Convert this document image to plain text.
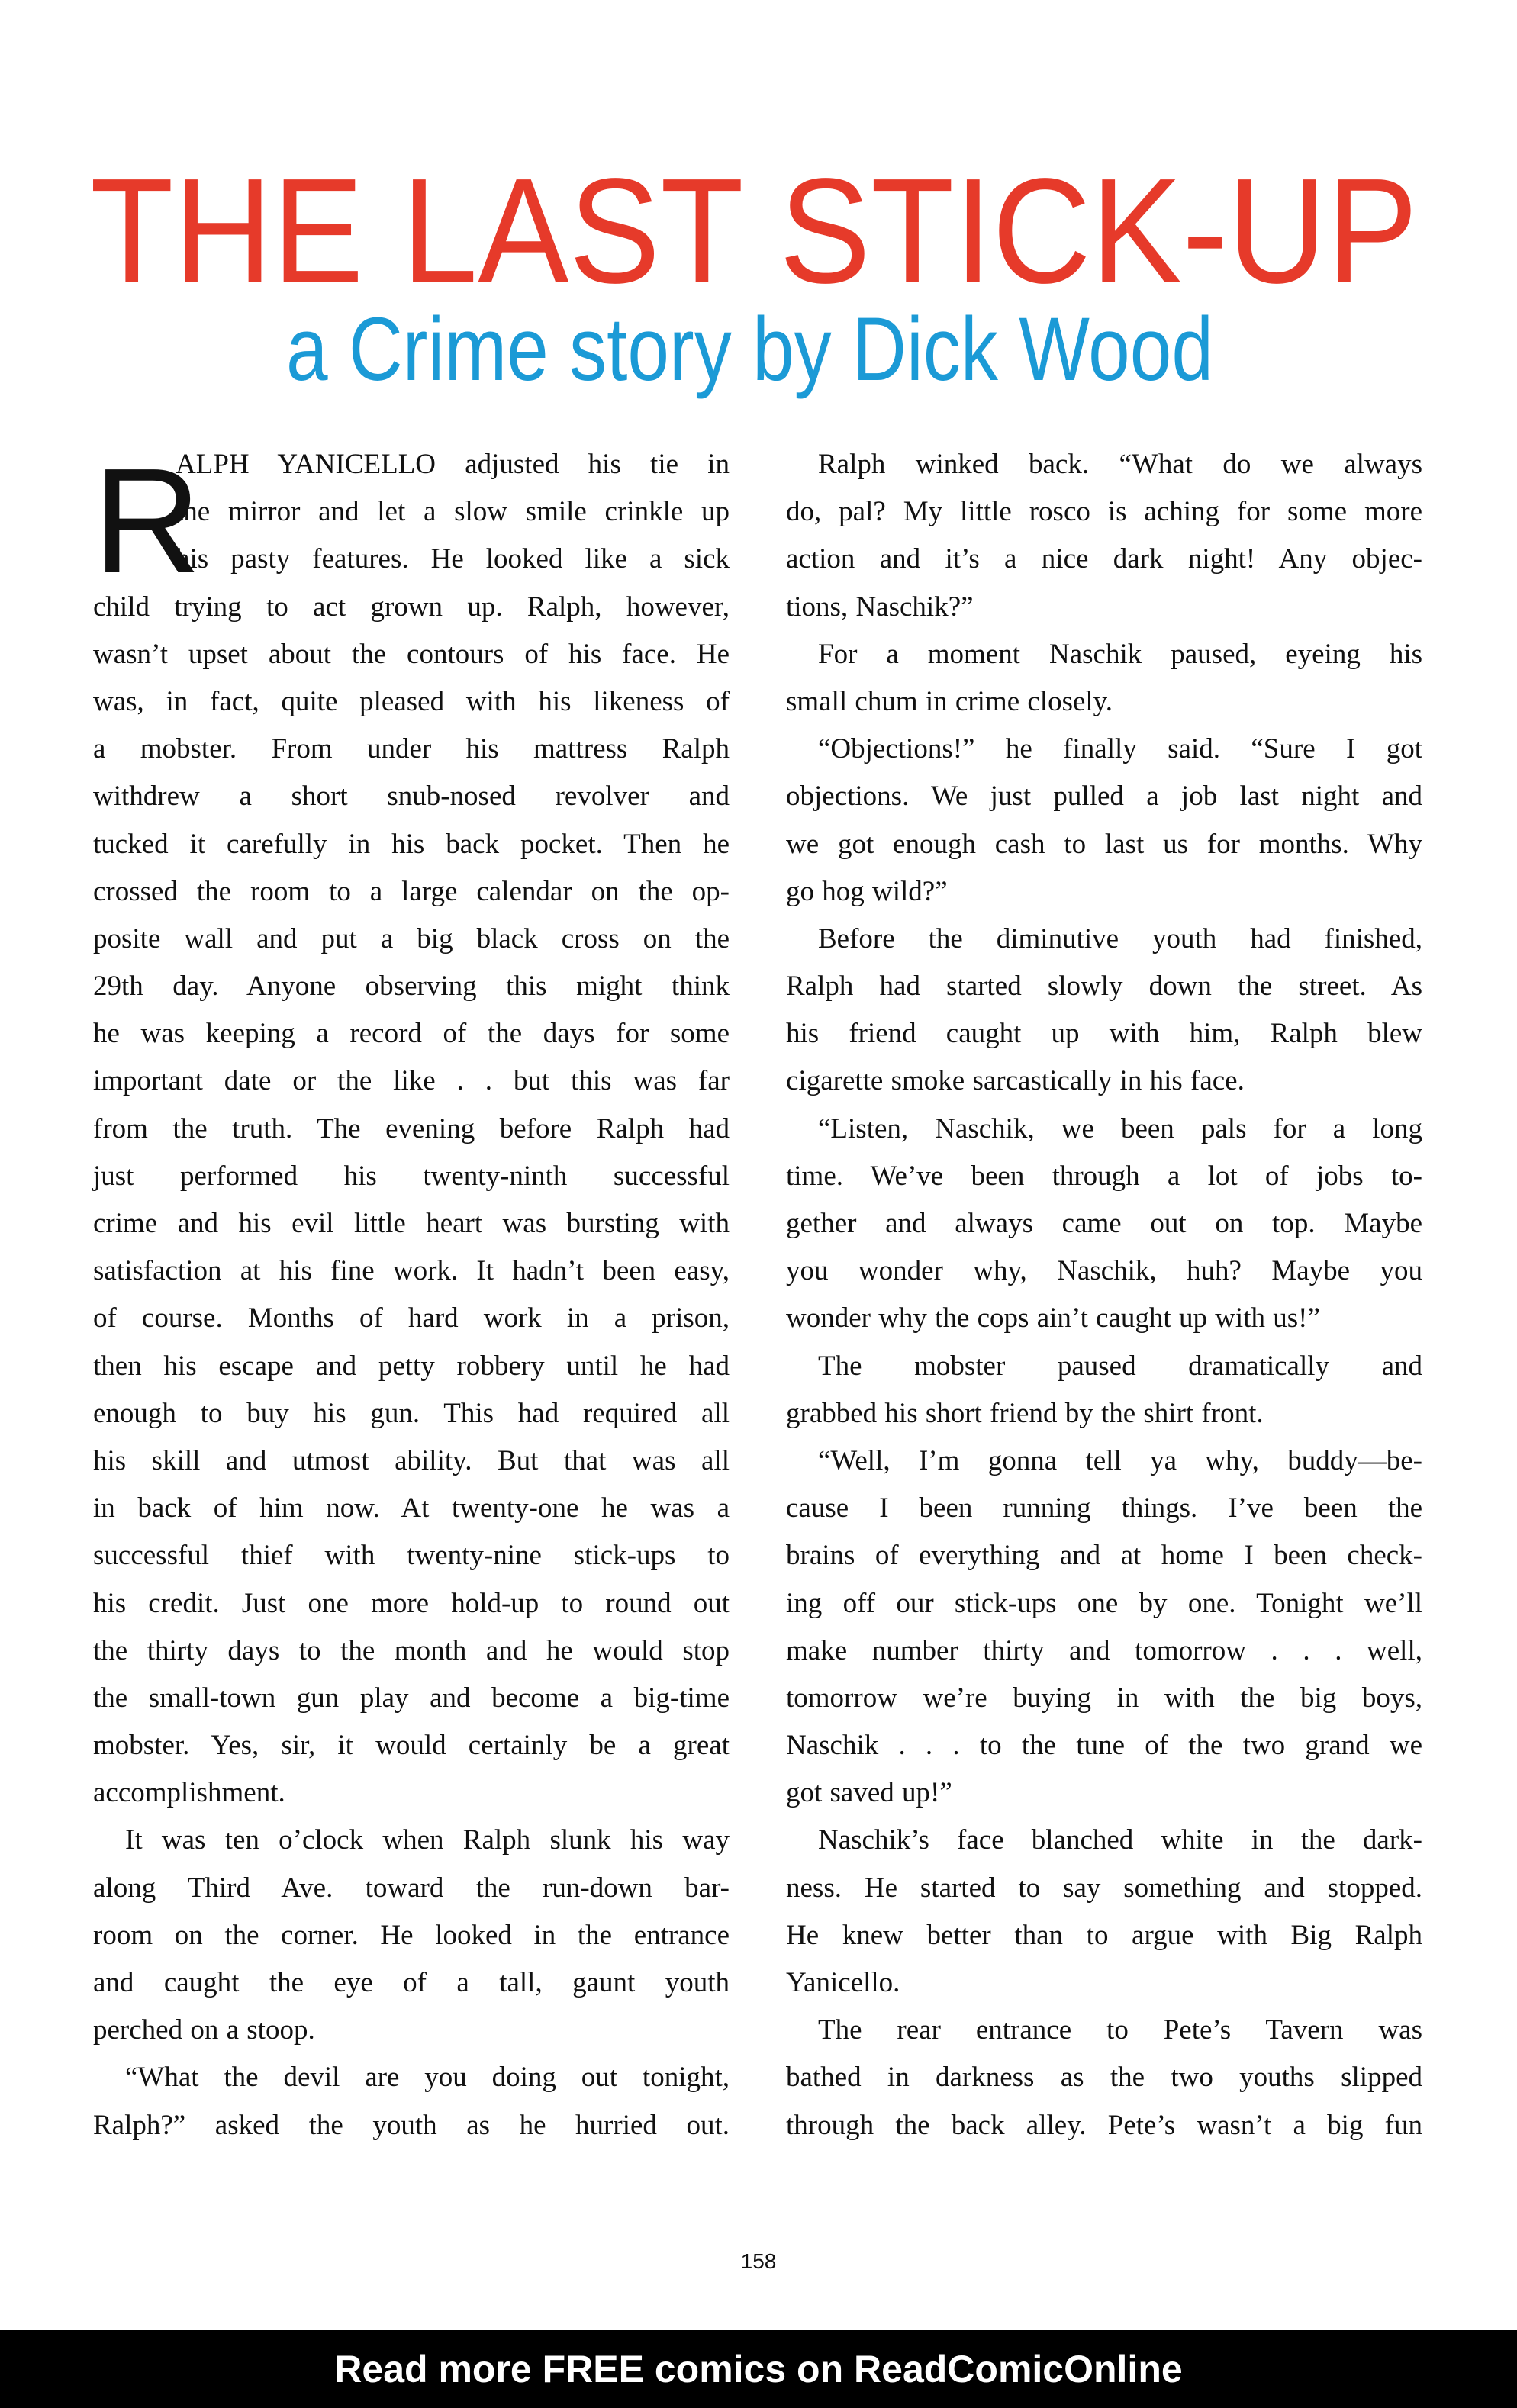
THE LAST STICK-UP
a Crime story by Dick Wood
R
ALPH YANICELLO adjusted his tie in
the mirror and let a slow smile crinkle up
his pasty features. He looked like a sick
child trying to act grown up. Ralph, however,
wasn’t upset about the contours of his face. He
was, in fact, quite pleased with his likeness of
a mobster. From under his mattress Ralph
withdrew a short snub-nosed revolver and
tucked it carefully in his back pocket. Then he
crossed the room to a large calendar on the op-
posite wall and put a big black cross on the
29th day. Anyone observing this might think
he was keeping a record of the days for some
important date or the like . . but this was far
from the truth. The evening before Ralph had
just performed his twenty-ninth successful
crime and his evil little heart was bursting with
satisfaction at his fine work. It hadn’t been easy,
of course. Months of hard work in a prison,
then his escape and petty robbery until he had
enough to buy his gun. This had required all
his skill and utmost ability. But that was all
in back of him now. At twenty-one he was a
successful thief with twenty-nine stick-ups to
his credit. Just one more hold-up to round out
the thirty days to the month and he would stop
the small-town gun play and become a big-time
mobster. Yes, sir, it would certainly be a great
accomplishment.
It was ten o’clock when Ralph slunk his way
along Third Ave. toward the run-down bar-
room on the corner. He looked in the entrance
and caught the eye of a tall, gaunt youth
perched on a stoop.
“What the devil are you doing out tonight,
Ralph?” asked the youth as he hurried out.
Ralph winked back. “What do we always
do, pal? My little rosco is aching for some more
action and it’s a nice dark night! Any objec-
tions, Naschik?”
For a moment Naschik paused, eyeing his
small chum in crime closely.
“Objections!” he finally said. “Sure I got
objections. We just pulled a job last night and
we got enough cash to last us for months. Why
go hog wild?”
Before the diminutive youth had finished,
Ralph had started slowly down the street. As
his friend caught up with him, Ralph blew
cigarette smoke sarcastically in his face.
“Listen, Naschik, we been pals for a long
time. We’ve been through a lot of jobs to-
gether and always came out on top. Maybe
you wonder why, Naschik, huh? Maybe you
wonder why the cops ain’t caught up with us!”
The mobster paused dramatically and
grabbed his short friend by the shirt front.
“Well, I’m gonna tell ya why, buddy—be-
cause I been running things. I’ve been the
brains of everything and at home I been check-
ing off our stick-ups one by one. Tonight we’ll
make number thirty and tomorrow . . . well,
tomorrow we’re buying in with the big boys,
Naschik . . . to the tune of the two grand we
got saved up!”
Naschik’s face blanched white in the dark-
ness. He started to say something and stopped.
He knew better than to argue with Big Ralph
Yanicello.
The rear entrance to Pete’s Tavern was
bathed in darkness as the two youths slipped
through the back alley. Pete’s wasn’t a big fun
158
Read more FREE comics on ReadComicOnline
